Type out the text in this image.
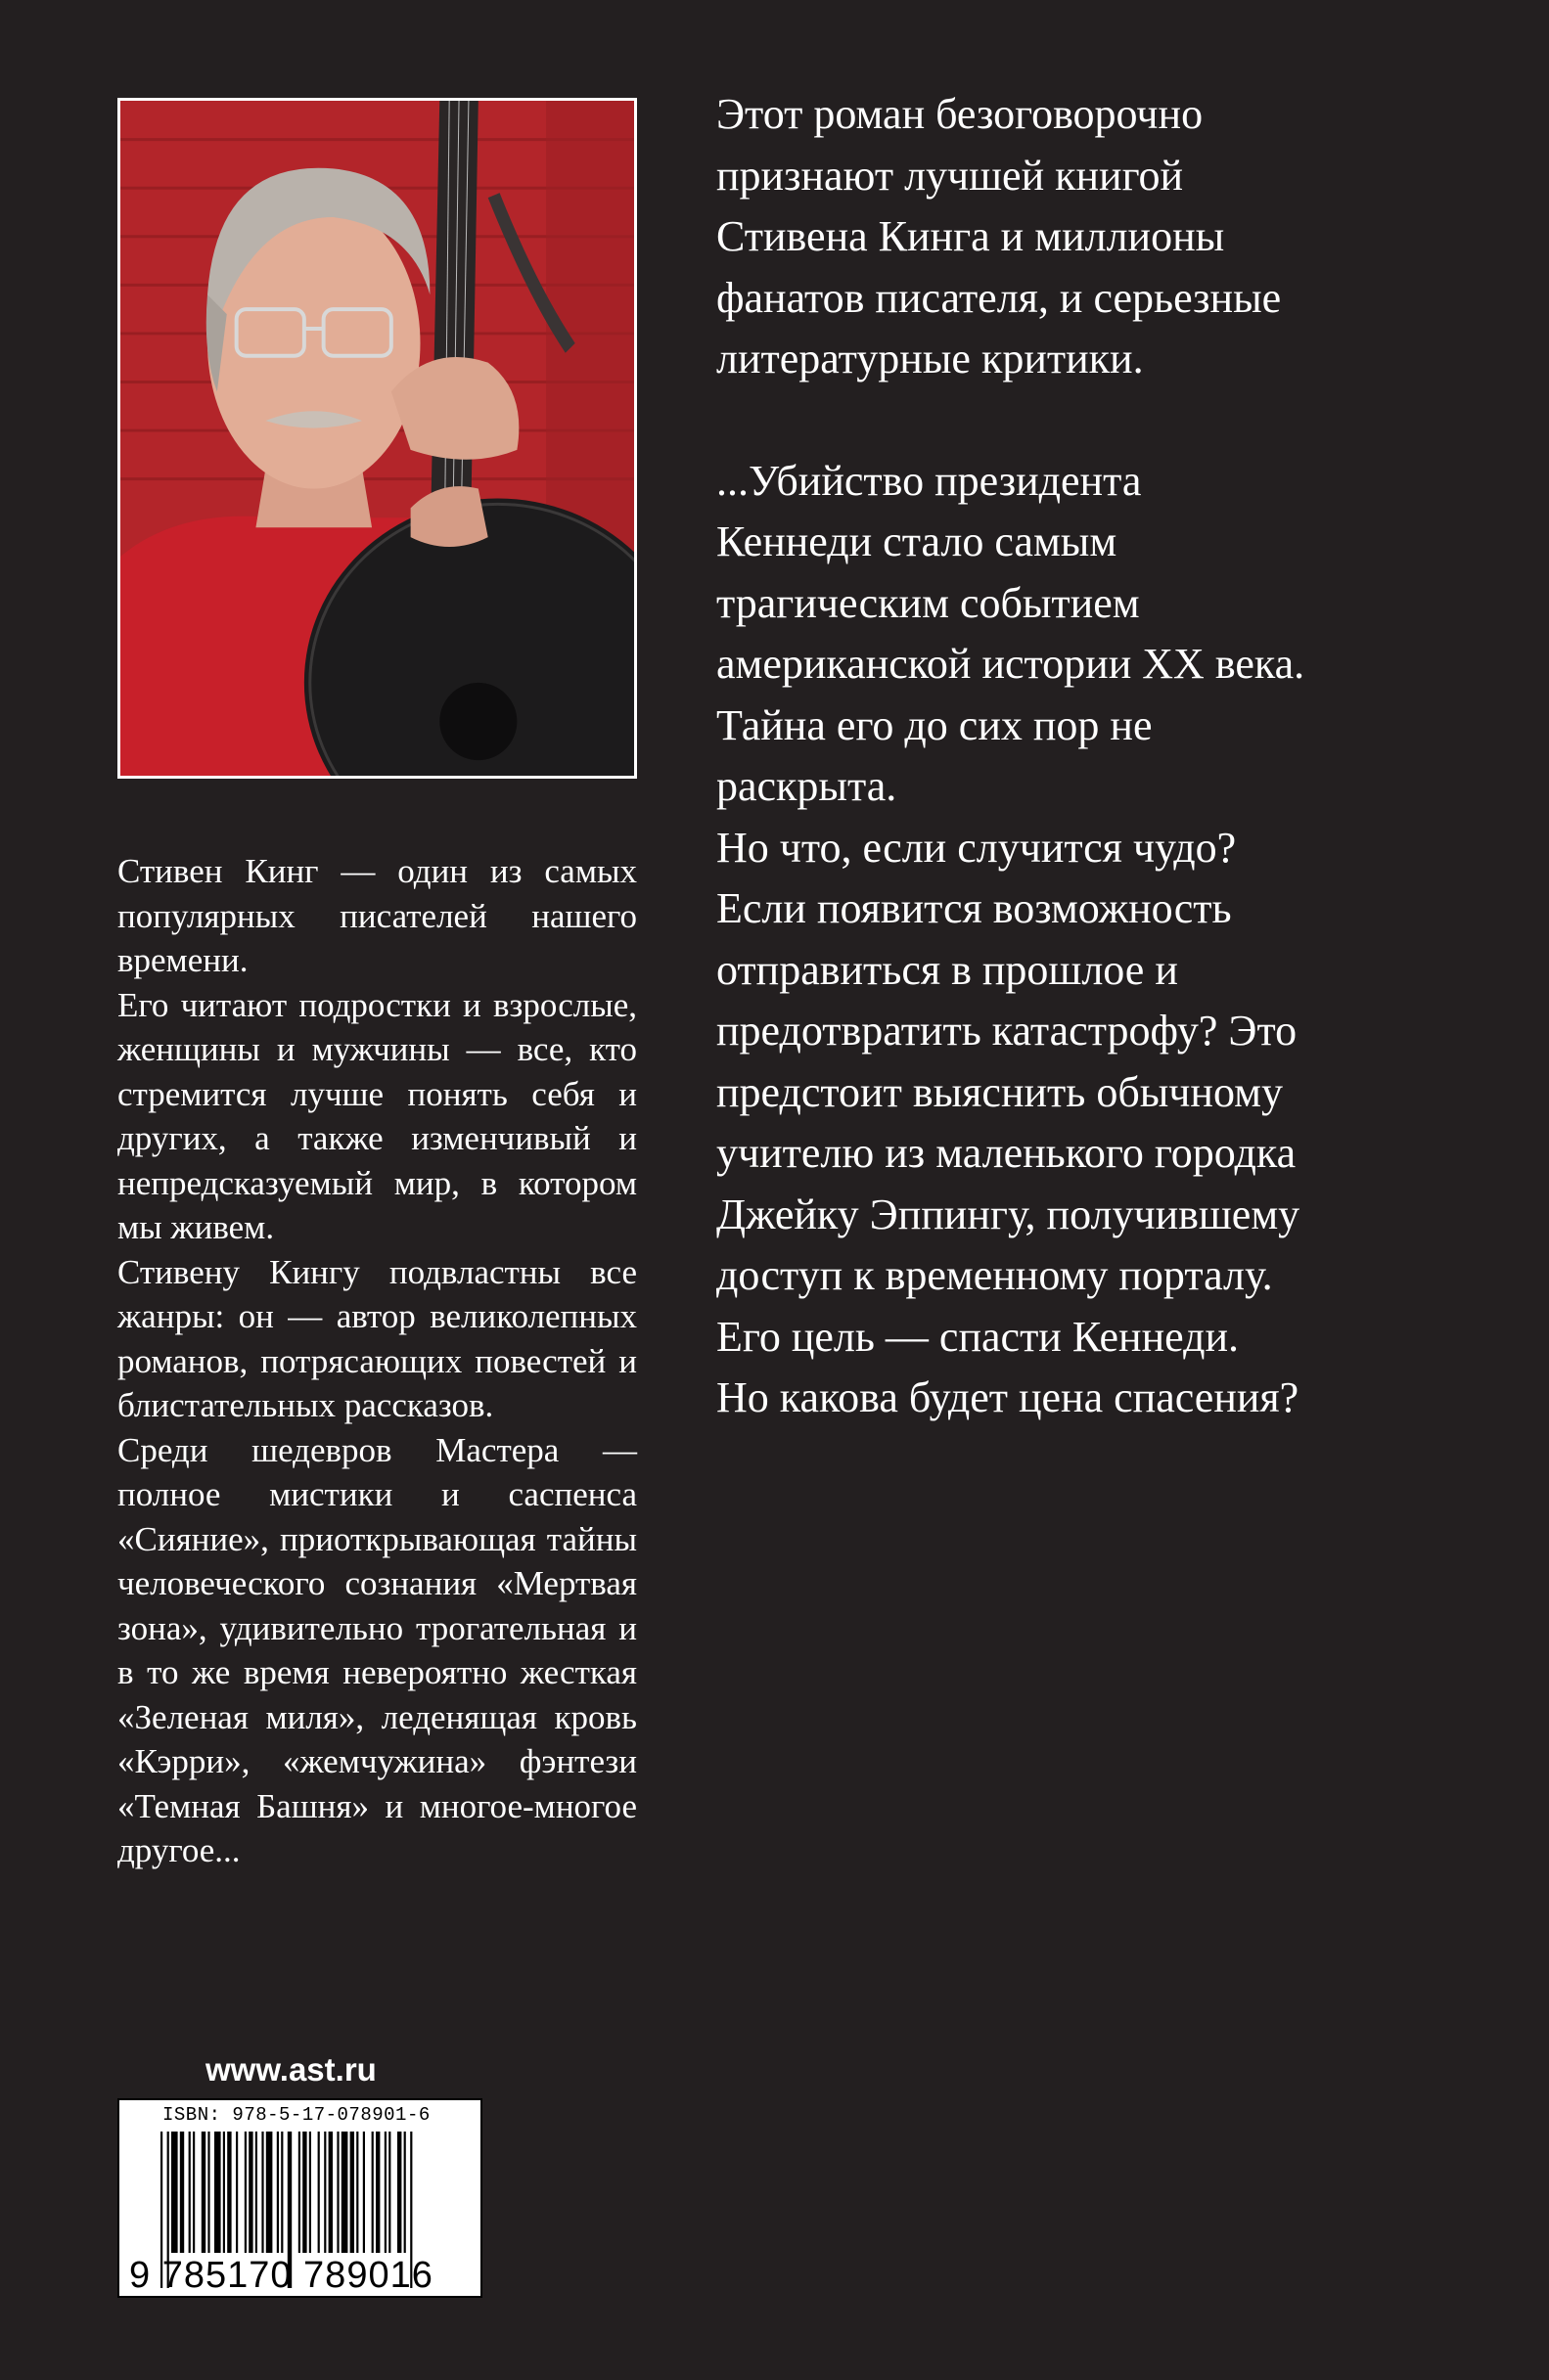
Стивен Кинг — один из самых популярных писателей нашего времени.

Его читают подростки и взрослые, женщины и мужчины — все, кто стремится лучше понять себя и других, а также изменчивый и непредсказуемый мир, в котором мы живем.

Стивену Кингу подвластны все жанры: он — автор великолепных романов, потрясающих повестей и блистательных рассказов.

Среди шедевров Мастера — полное мистики и саспенса «Сияние», приоткрывающая тайны человеческого сознания «Мертвая зона», удивительно трогательная и в то же время невероятно жесткая «Зеленая миля», леденящая кровь «Кэрри», «жемчужина» фэнтези «Темная Башня» и многое-многое другое...

Этот роман безоговорочно

признают лучшей книгой

Стивена Кинга и миллионы

фанатов писателя, и серьезные

литературные критики.

...Убийство президента

Кеннеди стало самым

трагическим событием

американской истории XX века.

Тайна его до сих пор не

раскрыта.

Но что, если случится чудо?

Если появится возможность

отправиться в прошлое и

предотвратить катастрофу? Это

предстоит выяснить обычному

учителю из маленького городка

Джейку Эппингу, получившему

доступ к временному порталу.

Его цель — спасти Кеннеди.

Но какова будет цена спасения?

www.ast.ru
ISBN: 978-5-17-078901-6
9 785170 789016
